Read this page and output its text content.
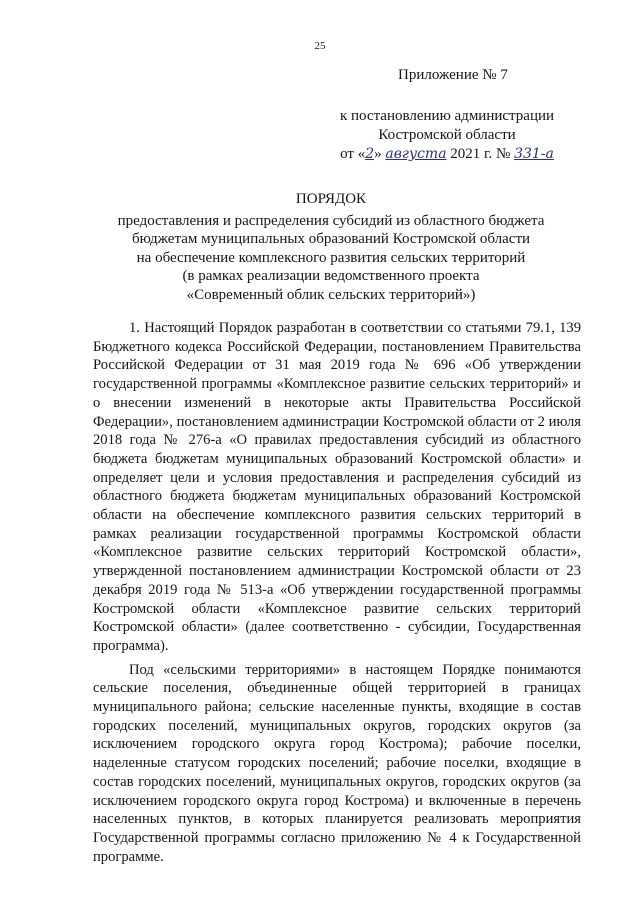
25
Приложение № 7
к постановлению администрации
Костромской области
от «2» августа 2021 г. № 331-а
ПОРЯДОК
предоставления и распределения субсидий из областного бюджета
бюджетам муниципальных образований Костромской области
на обеспечение комплексного развития сельских территорий
(в рамках реализации ведомственного проекта
«Современный облик сельских территорий»)

1. Настоящий Порядок разработан в соответствии со статьями 79.1, 139 Бюджетного кодекса Российской Федерации, постановлением Правительства Российской Федерации от 31 мая 2019 года № 696 «Об утверждении государственной программы «Комплексное развитие сельских территорий» и о внесении изменений в некоторые акты Правительства Российской Федерации», постановлением администрации Костромской области от 2 июля 2018 года № 276-а «О правилах предоставления субсидий из областного бюджета бюджетам муниципальных образований Костромской области» и определяет цели и условия предоставления и распределения субсидий из областного бюджета бюджетам муниципальных образований Костромской области на обеспечение комплексного развития сельских территорий в рамках реализации государственной программы Костромской области «Комплексное развитие сельских территорий Костромской области», утвержденной постановлением администрации Костромской области от 23 декабря 2019 года № 513-а «Об утверждении государственной программы Костромской области «Комплексное развитие сельских территорий Костромской области» (далее соответственно - субсидии, Государственная программа).

Под «сельскими территориями» в настоящем Порядке понимаются сельские поселения, объединенные общей территорией в границах муниципального района; сельские населенные пункты, входящие в состав городских поселений, муниципальных округов, городских округов (за исключением городского округа город Кострома); рабочие поселки, наделенные статусом городских поселений; рабочие поселки, входящие в состав городских поселений, муниципальных округов, городских округов (за исключением городского округа город Кострома) и включенные в перечень населенных пунктов, в которых планируется реализовать мероприятия Государственной программы согласно приложению № 4 к Государственной программе.
